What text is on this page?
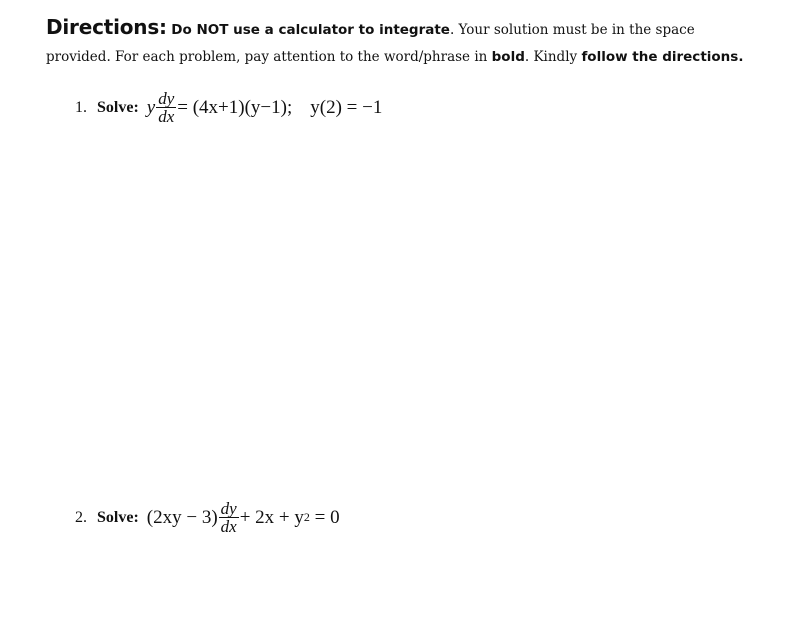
Directions: Do NOT use a calculator to integrate. Your solution must be in the space provided. For each problem, pay attention to the word/phrase in bold. Kindly follow the directions.
1. Solve: y $\frac{dy}{dx} = (4x+1)(y-1)$; y(2) = −1
2. Solve: $(2xy - 3) \frac{dy}{dx} + 2x + y$ 2 = 0
